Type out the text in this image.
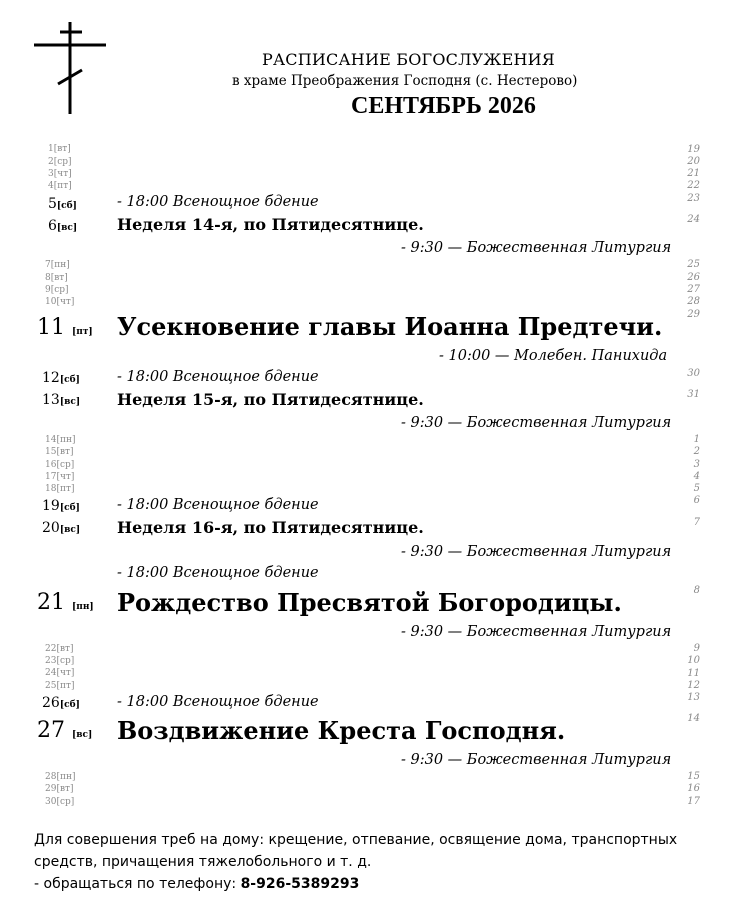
РАСПИСАНИЕ БОГОСЛУЖЕНИЯ
в храме Преображения Господня (с. Нестерово)
СЕНТЯБРЬ 2026
1[вт]
2[ср]
3[чт]
4[пт]
5[сб]
6[вс]
7[пн]
8[вт]
9[ср]
10[чт]
11 [пт]
12[сб]
13[вс]
14[пн]
15[вт]
16[ср]
17[чт]
18[пт]
19[сб]
20[вс]
21 [пн]
22[вт]
23[ср]
24[чт]
25[пт]
26[сб]
27 [вс]
28[пн]
29[вт]
30[ср]
- 18:00 Всенощное бдение
Неделя 14-я, по Пятидесятнице.
- 9:30 — Божественная Литургия
Усекновение главы Иоанна Предтечи.
- 10:00 — Молебен. Панихида
- 18:00 Всенощное бдение
Неделя 15-я, по Пятидесятнице.
- 9:30 — Божественная Литургия
- 18:00 Всенощное бдение
Неделя 16-я, по Пятидесятнице.
- 9:30 — Божественная Литургия
- 18:00 Всенощное бдение
Рождество Пресвятой Богородицы.
- 9:30 — Божественная Литургия
- 18:00 Всенощное бдение
Воздвижение Креста Господня.
- 9:30 — Божественная Литургия
19
20
21
22
23
24
25
26
27
28
29
30
31
1
2
3
4
5
6
7
8
9
10
11
12
13
14
15
16
17
Для совершения треб на дому: крещение, отпевание, освящение дома, транспортных
средств, причащения тяжелобольного и т. д.
- обращаться по телефону: 8-926-5389293
